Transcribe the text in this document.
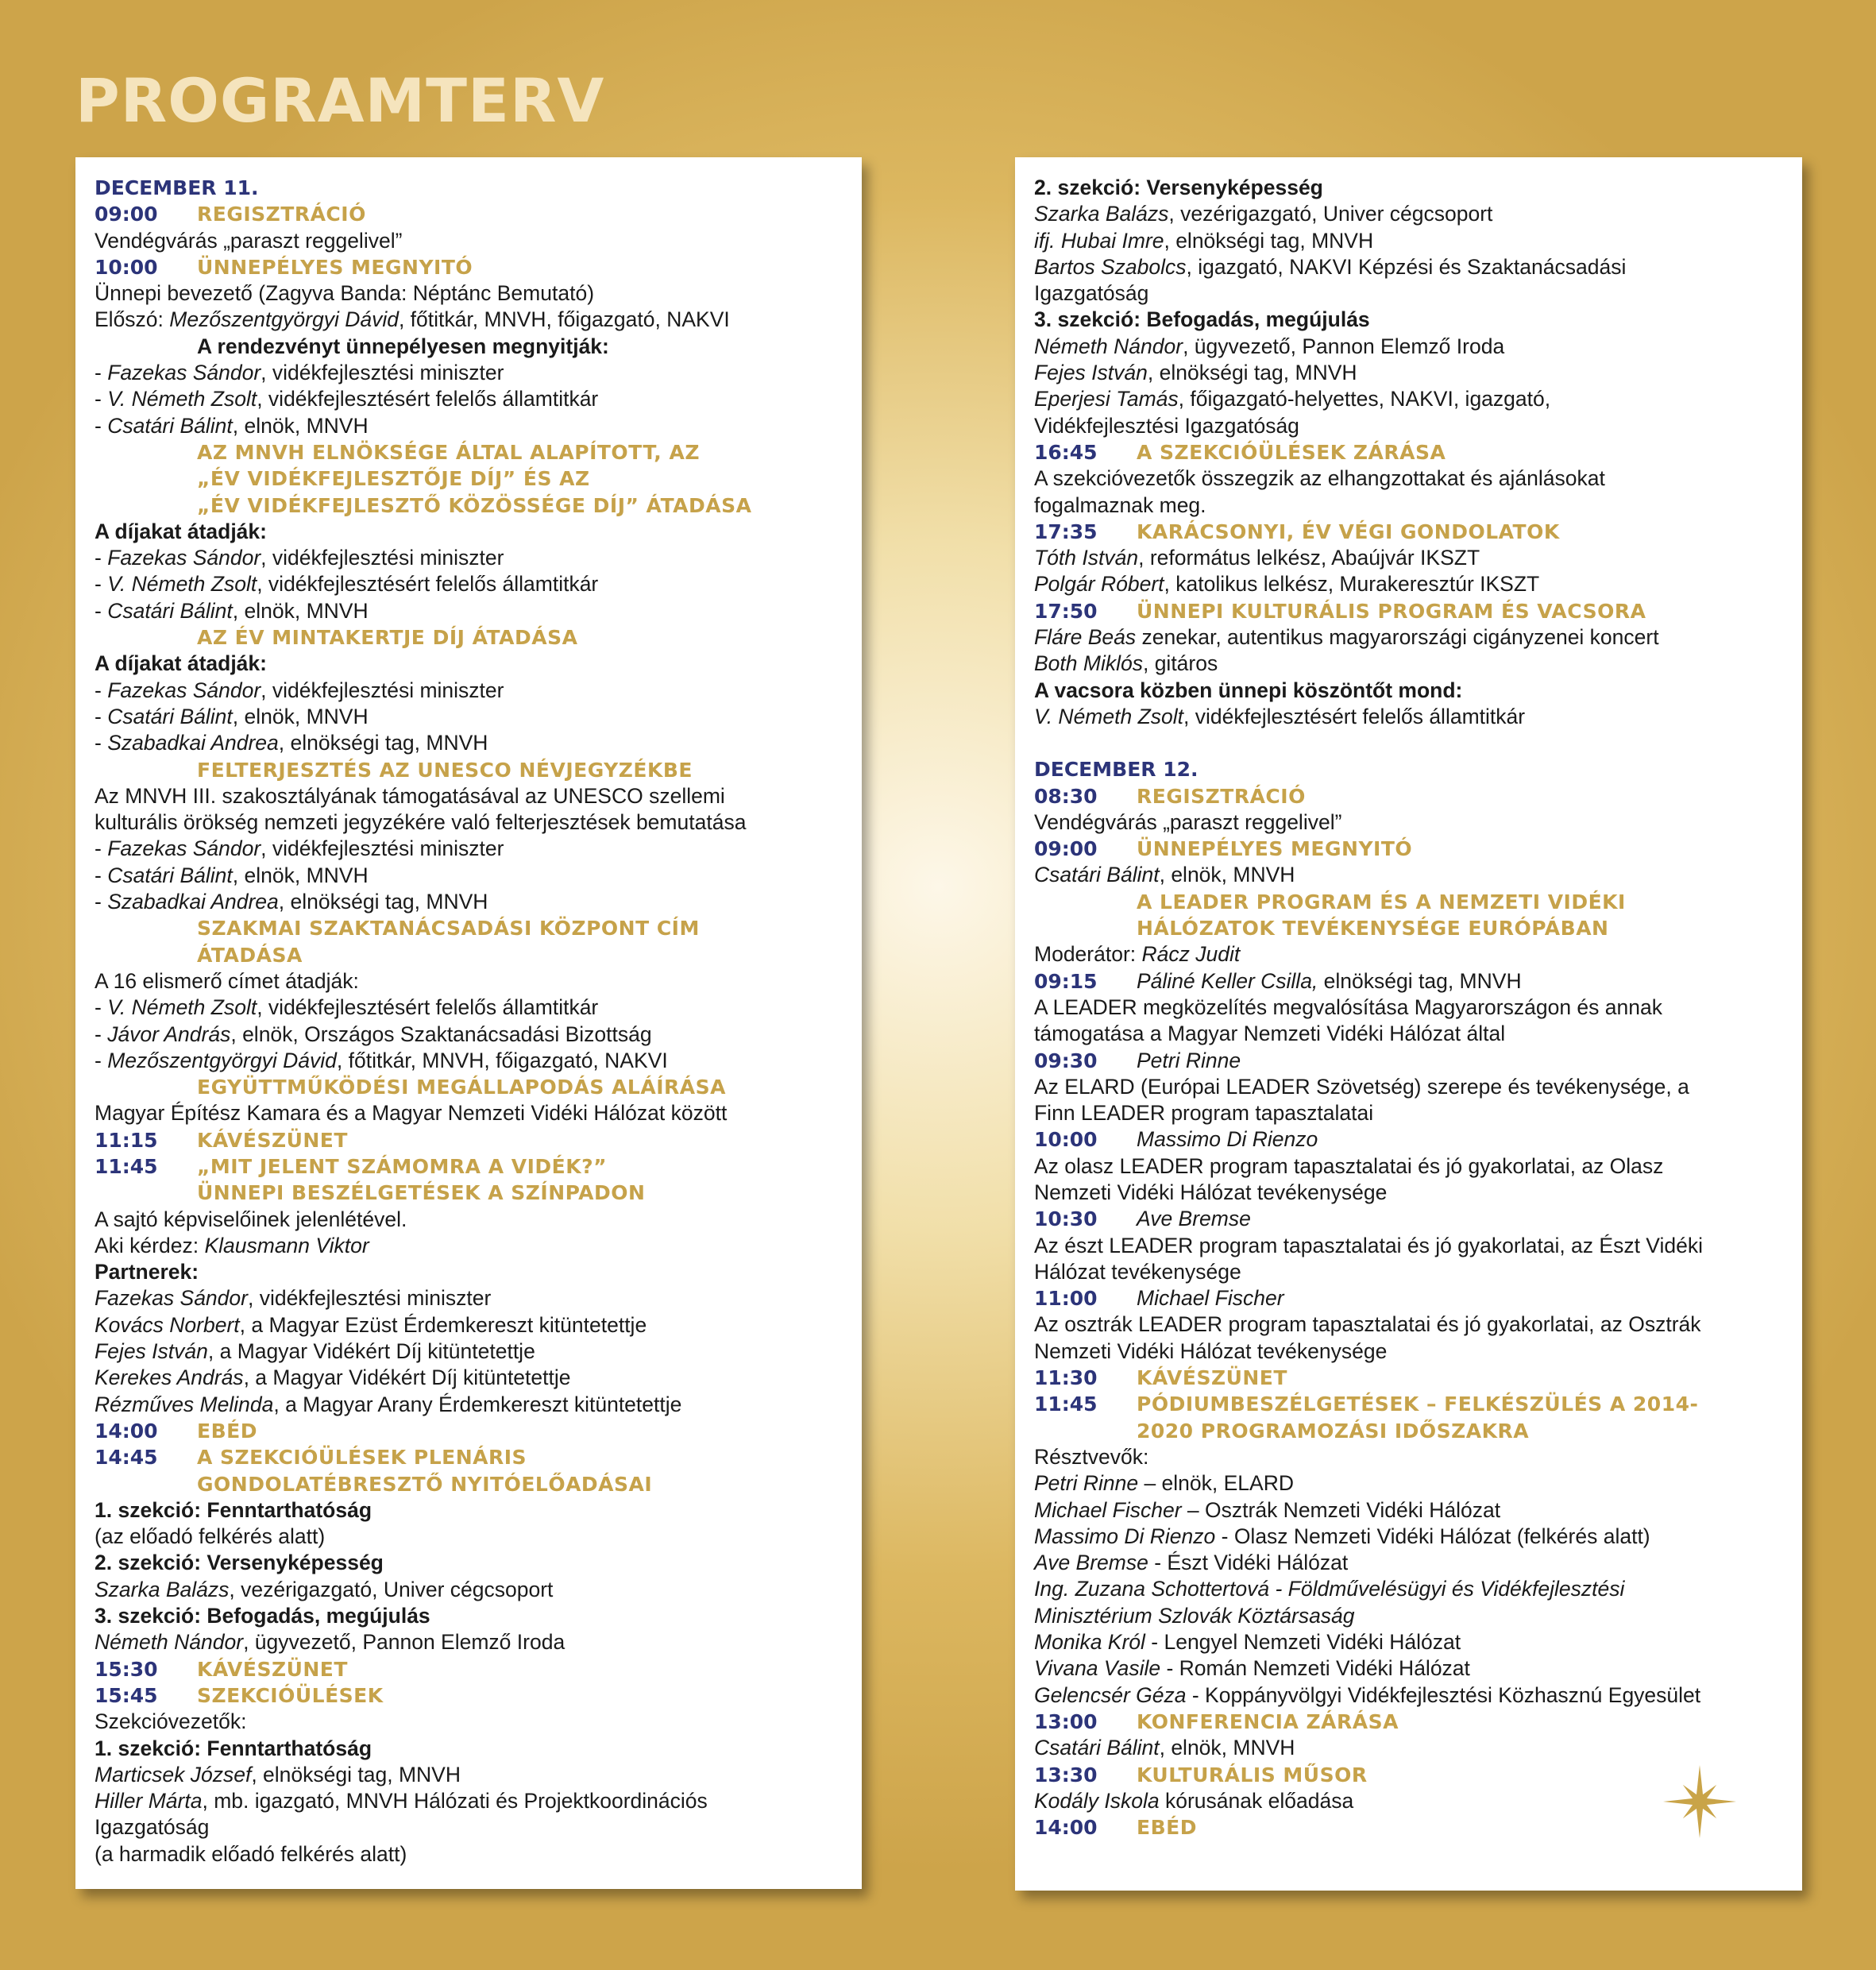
PROGRAMTERV
DECEMBER 11.
09:00	REGISZTRÁCIÓ
Vendégvárás „paraszt reggelivel”
10:00	ÜNNEPÉLYES MEGNYITÓ
Ünnepi bevezető (Zagyva Banda: Néptánc Bemutató)
Előszó: Mezőszentgyörgyi Dávid, főtitkár, MNVH, főigazgató, NAKVI
A rendezvényt ünnepélyesen megnyitják:
- Fazekas Sándor, vidékfejlesztési miniszter
- V. Németh Zsolt, vidékfejlesztésért felelős államtitkár
- Csatári Bálint, elnök, MNVH
AZ MNVH ELNÖKSÉGE ÁLTAL ALAPÍTOTT, AZ
„ÉV VIDÉKFEJLESZTŐJE DÍJ” ÉS AZ
„ÉV VIDÉKFEJLESZTŐ KÖZÖSSÉGE DÍJ” ÁTADÁSA
A díjakat átadják:
- Fazekas Sándor, vidékfejlesztési miniszter
- V. Németh Zsolt, vidékfejlesztésért felelős államtitkár
- Csatári Bálint, elnök, MNVH
AZ ÉV MINTAKERTJE DÍJ ÁTADÁSA
A díjakat átadják:
- Fazekas Sándor, vidékfejlesztési miniszter
- Csatári Bálint, elnök, MNVH
- Szabadkai Andrea, elnökségi tag, MNVH
FELTERJESZTÉS AZ UNESCO NÉVJEGYZÉKBE
Az MNVH III. szakosztályának támogatásával az UNESCO szellemi
kulturális örökség nemzeti jegyzékére való felterjesztések bemutatása
- Fazekas Sándor, vidékfejlesztési miniszter
- Csatári Bálint, elnök, MNVH
- Szabadkai Andrea, elnökségi tag, MNVH
SZAKMAI SZAKTANÁCSADÁSI KÖZPONT CÍM
ÁTADÁSA
A 16 elismerő címet átadják:
- V. Németh Zsolt, vidékfejlesztésért felelős államtitkár
- Jávor András, elnök, Országos Szaktanácsadási Bizottság
- Mezőszentgyörgyi Dávid, főtitkár, MNVH, főigazgató, NAKVI
EGYÜTTMŰKÖDÉSI MEGÁLLAPODÁS ALÁÍRÁSA
Magyar Építész Kamara és a Magyar Nemzeti Vidéki Hálózat között
11:15	KÁVÉSZÜNET
11:45	„MIT JELENT SZÁMOMRA A VIDÉK?”
ÜNNEPI BESZÉLGETÉSEK A SZÍNPADON
A sajtó képviselőinek jelenlétével.
Aki kérdez: Klausmann Viktor
Partnerek:
Fazekas Sándor, vidékfejlesztési miniszter
Kovács Norbert, a Magyar Ezüst Érdemkereszt kitüntetettje
Fejes István, a Magyar Vidékért Díj kitüntetettje
Kerekes András, a Magyar Vidékért Díj kitüntetettje
Rézműves Melinda, a Magyar Arany Érdemkereszt kitüntetettje
14:00	EBÉD
14:45	A SZEKCIÓÜLÉSEK PLENÁRIS
GONDOLATÉBRESZTŐ NYITÓELŐADÁSAI
1. szekció: Fenntarthatóság
(az előadó felkérés alatt)
2. szekció: Versenyképesség
Szarka Balázs, vezérigazgató, Univer cégcsoport
3. szekció: Befogadás, megújulás
Németh Nándor, ügyvezető, Pannon Elemző Iroda
15:30	KÁVÉSZÜNET
15:45	SZEKCIÓÜLÉSEK
Szekcióvezetők:
1. szekció: Fenntarthatóság
Marticsek József, elnökségi tag, MNVH
Hiller Márta, mb. igazgató, MNVH Hálózati és Projektkoordinációs
Igazgatóság
(a harmadik előadó felkérés alatt)
2. szekció: Versenyképesség
Szarka Balázs, vezérigazgató, Univer cégcsoport
ifj. Hubai Imre, elnökségi tag, MNVH
Bartos Szabolcs, igazgató, NAKVI Képzési és Szaktanácsadási
Igazgatóság
3. szekció: Befogadás, megújulás
Németh Nándor, ügyvezető, Pannon Elemző Iroda
Fejes István, elnökségi tag, MNVH
Eperjesi Tamás, főigazgató-helyettes, NAKVI, igazgató,
Vidékfejlesztési Igazgatóság
16:45	A SZEKCIÓÜLÉSEK ZÁRÁSA
A szekcióvezetők összegzik az elhangzottakat és ajánlásokat
fogalmaznak meg.
17:35	KARÁCSONYI, ÉV VÉGI GONDOLATOK
Tóth István, református lelkész, Abaújvár IKSZT
Polgár Róbert, katolikus lelkész, Murakeresztúr IKSZT
17:50	ÜNNEPI KULTURÁLIS PROGRAM ÉS VACSORA
Fláre Beás zenekar, autentikus magyarországi cigányzenei koncert
Both Miklós, gitáros
A vacsora közben ünnepi köszöntőt mond:
V. Németh Zsolt, vidékfejlesztésért felelős államtitkár
DECEMBER 12.
08:30	REGISZTRÁCIÓ
Vendégvárás „paraszt reggelivel”
09:00	ÜNNEPÉLYES MEGNYITÓ
Csatári Bálint, elnök, MNVH
A LEADER PROGRAM ÉS A NEMZETI VIDÉKI
HÁLÓZATOK TEVÉKENYSÉGE EURÓPÁBAN
Moderátor: Rácz Judit
09:15	Páliné Keller Csilla, elnökségi tag, MNVH
A LEADER megközelítés megvalósítása Magyarországon és annak
támogatása a Magyar Nemzeti Vidéki Hálózat által
09:30	Petri Rinne
Az ELARD (Európai LEADER Szövetség) szerepe és tevékenysége, a
Finn LEADER program tapasztalatai
10:00	Massimo Di Rienzo
Az olasz LEADER program tapasztalatai és jó gyakorlatai, az Olasz
Nemzeti Vidéki Hálózat tevékenysége
10:30	Ave Bremse
Az észt LEADER program tapasztalatai és jó gyakorlatai, az Észt Vidéki
Hálózat tevékenysége
11:00	Michael Fischer
Az osztrák LEADER program tapasztalatai és jó gyakorlatai, az Osztrák
Nemzeti Vidéki Hálózat tevékenysége
11:30	KÁVÉSZÜNET
11:45	PÓDIUMBESZÉLGETÉSEK – FELKÉSZÜLÉS A 2014-
2020 PROGRAMOZÁSI IDŐSZAKRA
Résztvevők:
Petri Rinne – elnök, ELARD
Michael Fischer – Osztrák Nemzeti Vidéki Hálózat
Massimo Di Rienzo - Olasz Nemzeti Vidéki Hálózat (felkérés alatt)
Ave Bremse - Észt Vidéki Hálózat
Ing. Zuzana Schottertová - Földművelésügyi és Vidékfejlesztési
Minisztérium Szlovák Köztársaság
Monika Król - Lengyel Nemzeti Vidéki Hálózat
Vivana Vasile - Román Nemzeti Vidéki Hálózat
Gelencsér Géza - Koppányvölgyi Vidékfejlesztési Közhasznú Egyesület
13:00	KONFERENCIA ZÁRÁSA
Csatári Bálint, elnök, MNVH
13:30	KULTURÁLIS MŰSOR
Kodály Iskola kórusának előadása
14:00	EBÉD
